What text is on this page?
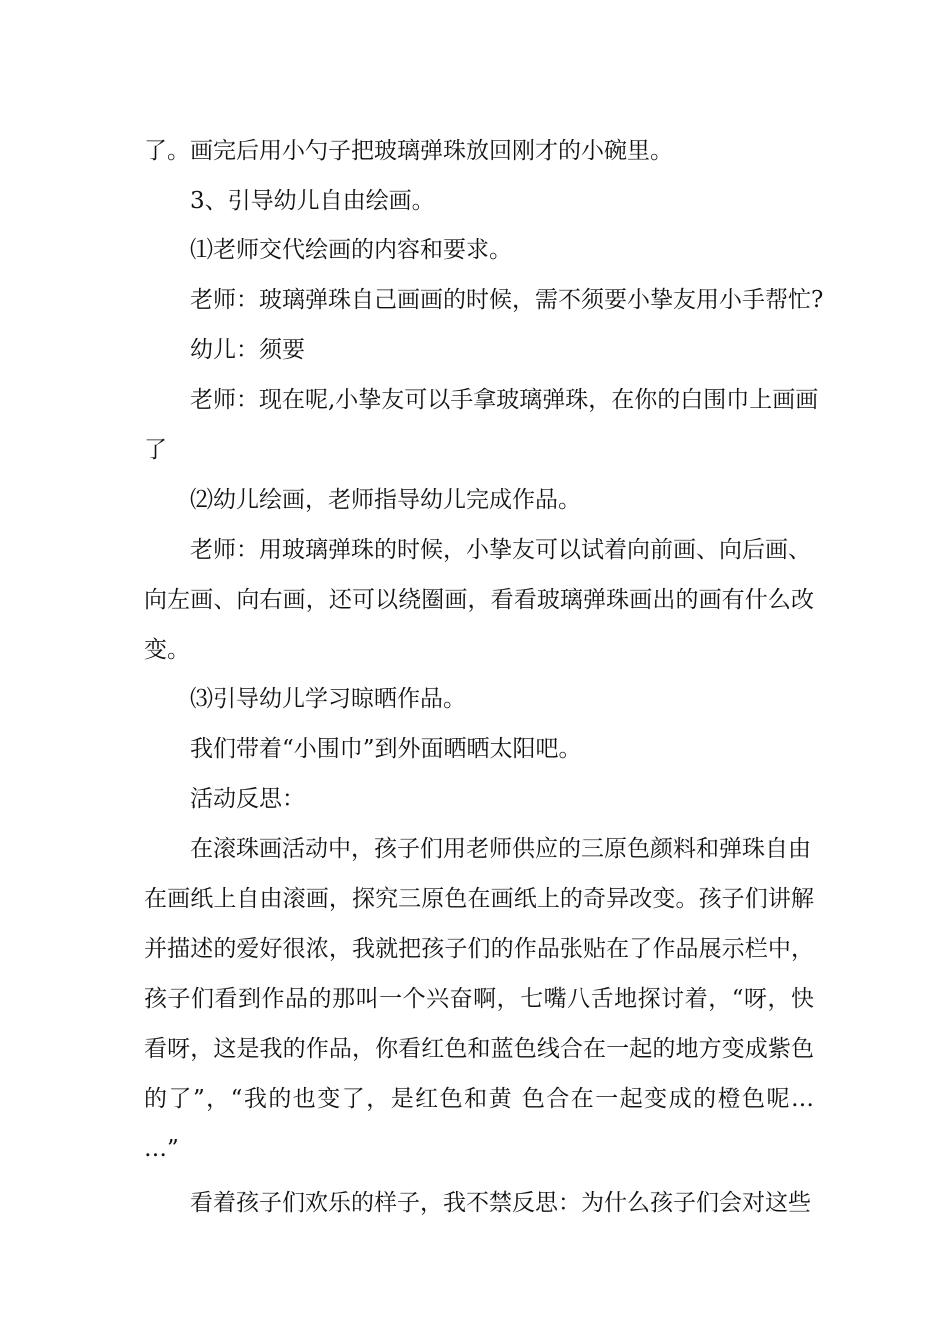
了。画完后用小勺子把玻璃弹珠放回刚才的小碗里。
3、引导幼儿自由绘画。
⑴老师交代绘画的内容和要求。
老师：玻璃弹珠自己画画的时候，需不须要小挚友用小手帮忙?
幼儿：须要
老师：现在呢,小挚友可以手拿玻璃弹珠，在你的白围巾上画画
了
⑵幼儿绘画，老师指导幼儿完成作品。
老师：用玻璃弹珠的时候，小挚友可以试着向前画、向后画、
向左画、向右画，还可以绕圈画，看看玻璃弹珠画出的画有什么改
变。
⑶引导幼儿学习晾晒作品。
我们带着“小围巾”到外面晒晒太阳吧。
活动反思：
在滚珠画活动中，孩子们用老师供应的三原色颜料和弹珠自由
在画纸上自由滚画，探究三原色在画纸上的奇异改变。孩子们讲解
并描述的爱好很浓，我就把孩子们的作品张贴在了作品展示栏中，
孩子们看到作品的那叫一个兴奋啊，七嘴八舌地探讨着，“呀，快
看呀，这是我的作品，你看红色和蓝色线合在一起的地方变成紫色
的了”，“我的也变了，是红色和黄 色合在一起变成的橙色呢…
…”
看着孩子们欢乐的样子，我不禁反思：为什么孩子们会对这些
